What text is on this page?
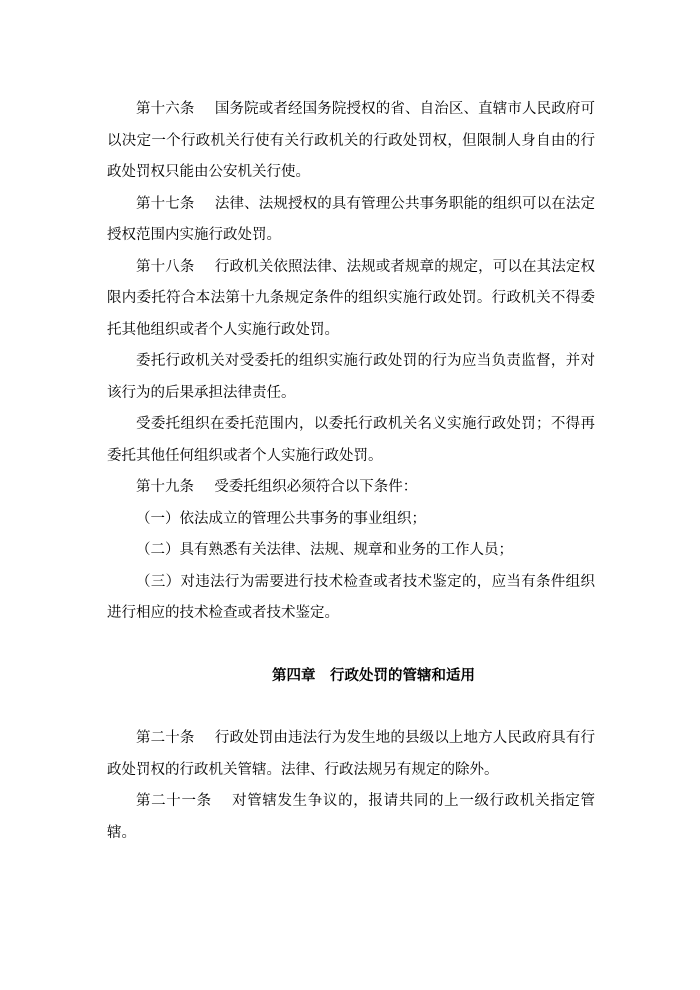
第十六条 国务院或者经国务院授权的省、自治区、直辖市人民政府可以决定一个行政机关行使有关行政机关的行政处罚权，但限制人身自由的行政处罚权只能由公安机关行使。

第十七条 法律、法规授权的具有管理公共事务职能的组织可以在法定授权范围内实施行政处罚。

第十八条 行政机关依照法律、法规或者规章的规定，可以在其法定权限内委托符合本法第十九条规定条件的组织实施行政处罚。行政机关不得委托其他组织或者个人实施行政处罚。

委托行政机关对受委托的组织实施行政处罚的行为应当负责监督，并对该行为的后果承担法律责任。

受委托组织在委托范围内，以委托行政机关名义实施行政处罚；不得再委托其他任何组织或者个人实施行政处罚。

第十九条 受委托组织必须符合以下条件：

（一）依法成立的管理公共事务的事业组织；

（二）具有熟悉有关法律、法规、规章和业务的工作人员；

（三）对违法行为需要进行技术检查或者技术鉴定的，应当有条件组织进行相应的技术检查或者技术鉴定。

第四章　 行政处罚的管辖和适用

第二十条 行政处罚由违法行为发生地的县级以上地方人民政府具有行政处罚权的行政机关管辖。法律、行政法规另有规定的除外。

第二十一条 对管辖发生争议的，报请共同的上一级行政机关指定管辖。
